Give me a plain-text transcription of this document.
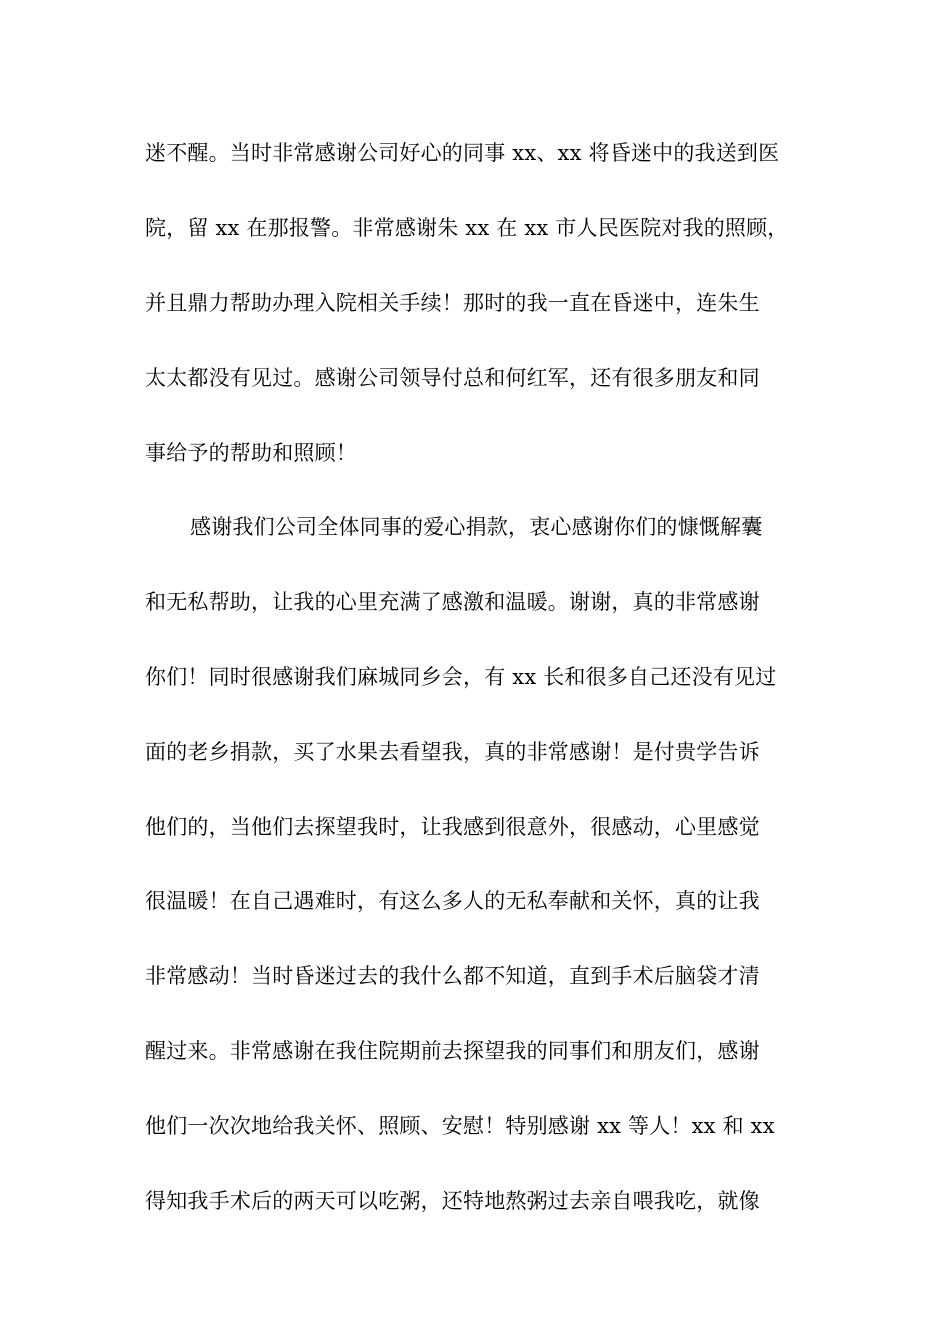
迷不醒。当时非常感谢公司好心的同事 xx、xx 将昏迷中的我送到医
院，留 xx 在那报警。非常感谢朱 xx 在 xx 市人民医院对我的照顾，
并且鼎力帮助办理入院相关手续！那时的我一直在昏迷中，连朱生
太太都没有见过。感谢公司领导付总和何红军，还有很多朋友和同
事给予的帮助和照顾！
感谢我们公司全体同事的爱心捐款，衷心感谢你们的慷慨解囊
和无私帮助，让我的心里充满了感激和温暖。谢谢，真的非常感谢
你们！同时很感谢我们麻城同乡会，有 xx 长和很多自己还没有见过
面的老乡捐款，买了水果去看望我，真的非常感谢！是付贵学告诉
他们的，当他们去探望我时，让我感到很意外，很感动，心里感觉
很温暖！在自己遇难时，有这么多人的无私奉献和关怀，真的让我
非常感动！当时昏迷过去的我什么都不知道，直到手术后脑袋才清
醒过来。非常感谢在我住院期前去探望我的同事们和朋友们，感谢
他们一次次地给我关怀、照顾、安慰！特别感谢 xx 等人！xx 和 xx
得知我手术后的两天可以吃粥，还特地熬粥过去亲自喂我吃，就像
